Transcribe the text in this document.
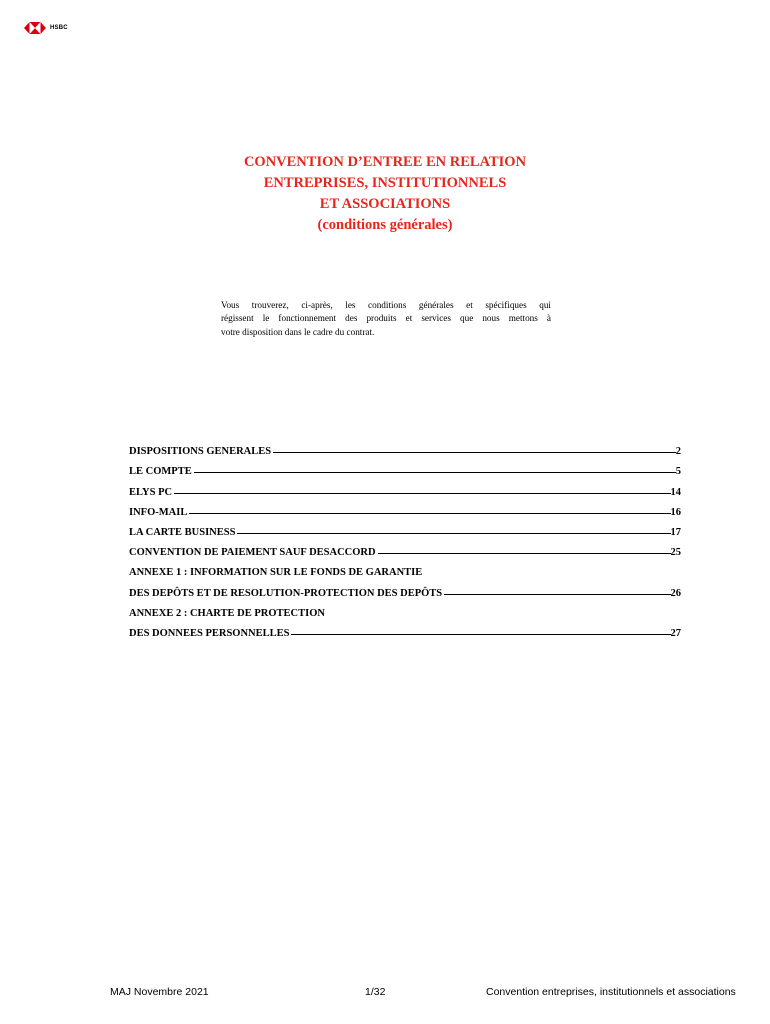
HSBC
CONVENTION D’ENTREE EN RELATION
ENTREPRISES, INSTITUTIONNELS
ET ASSOCIATIONS
(conditions générales)
Vous trouverez, ci-après, les conditions générales et spécifiques qui
régissent le fonctionnement des produits et services que nous mettons à
votre disposition dans le cadre du contrat.
DISPOSITIONS GENERALES	2
LE COMPTE	5
ELYS PC	14
INFO-MAIL	16
LA CARTE BUSINESS	17
CONVENTION DE PAIEMENT SAUF DESACCORD	25
ANNEXE 1 : INFORMATION SUR LE FONDS DE GARANTIE
DES DEPÔTS ET DE RESOLUTION-PROTECTION DES DEPÔTS	26
ANNEXE 2 : CHARTE DE PROTECTION
DES DONNEES PERSONNELLES	27
MAJ Novembre 2021	1/32	Convention entreprises, institutionnels et associations
